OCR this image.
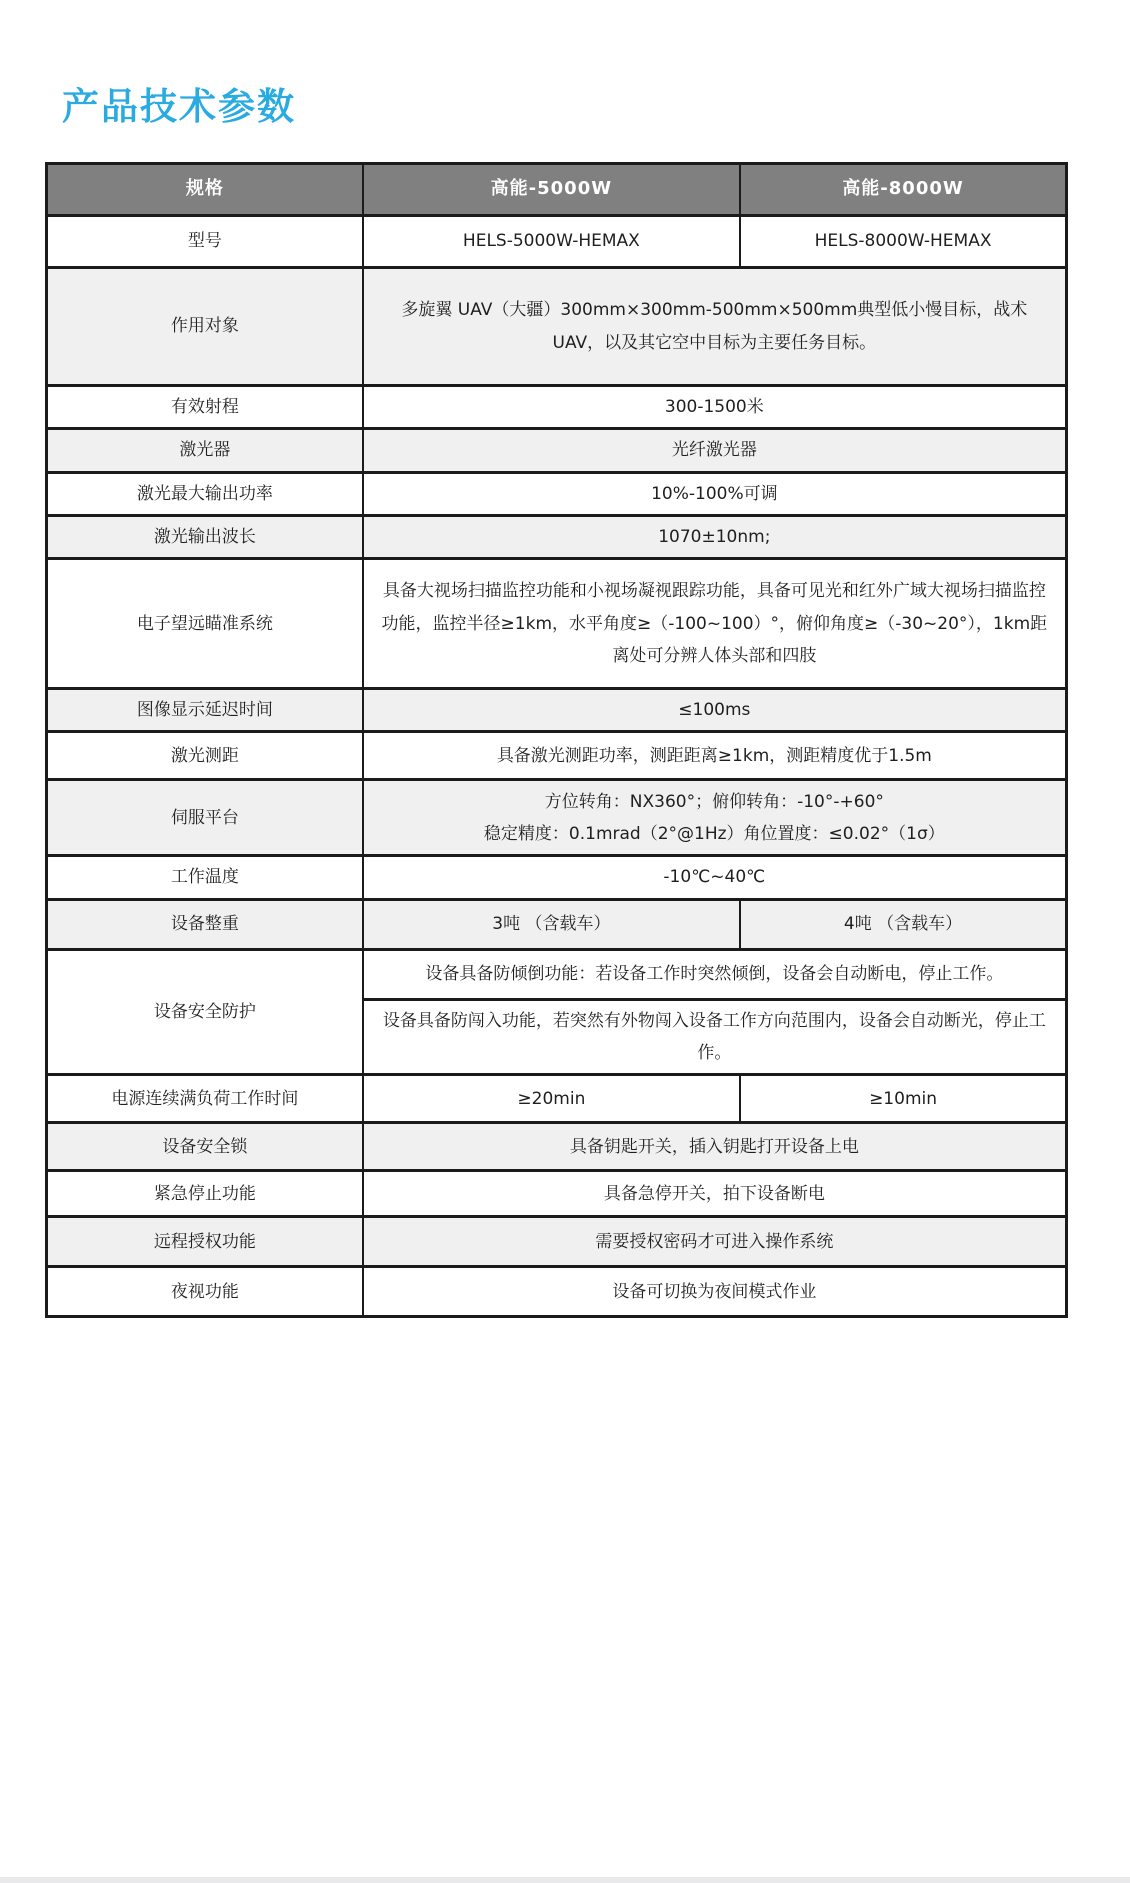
产品技术参数
规格	高能-5000W	高能-8000W
型号	HELS-5000W-HEMAX	HELS-8000W-HEMAX
作用对象	多旋翼 UAV（大疆）300mm×300mm-500mm×500mm典型低小慢目标，战术 UAV，以及其它空中目标为主要任务目标。	
有效射程	300-1500米	
激光器	光纤激光器	
激光最大输出功率	10%-100%可调	
激光输出波长	1070±10nm;	
电子望远瞄准系统	具备大视场扫描监控功能和小视场凝视跟踪功能，具备可见光和红外广域大视场扫描监控功能，监控半径≥1km，水平角度≥（-100~100）°，俯仰角度≥（-30~20°），1km距离处可分辨人体头部和四肢	
图像显示延迟时间	≤100ms	
激光测距	具备激光测距功率，测距距离≥1km，测距精度优于1.5m	
伺服平台	方位转角：NX360°；俯仰转角：-10°-+60°
稳定精度：0.1mrad（2°@1Hz）角位置度：≤0.02°（1σ）	

工作温度	-10℃~40℃	
设备整重	3吨 （含载车）	4吨 （含载车）
设备安全防护	设备具备防倾倒功能：若设备工作时突然倾倒，设备会自动断电，停止工作。	
	设备具备防闯入功能，若突然有外物闯入设备工作方向范围内，设备会自动断光，停止工作。	
电源连续满负荷工作时间	≥20min	≥10min
设备安全锁	具备钥匙开关，插入钥匙打开设备上电	
紧急停止功能	具备急停开关，拍下设备断电	
远程授权功能	需要授权密码才可进入操作系统	
夜视功能	设备可切换为夜间模式作业	
